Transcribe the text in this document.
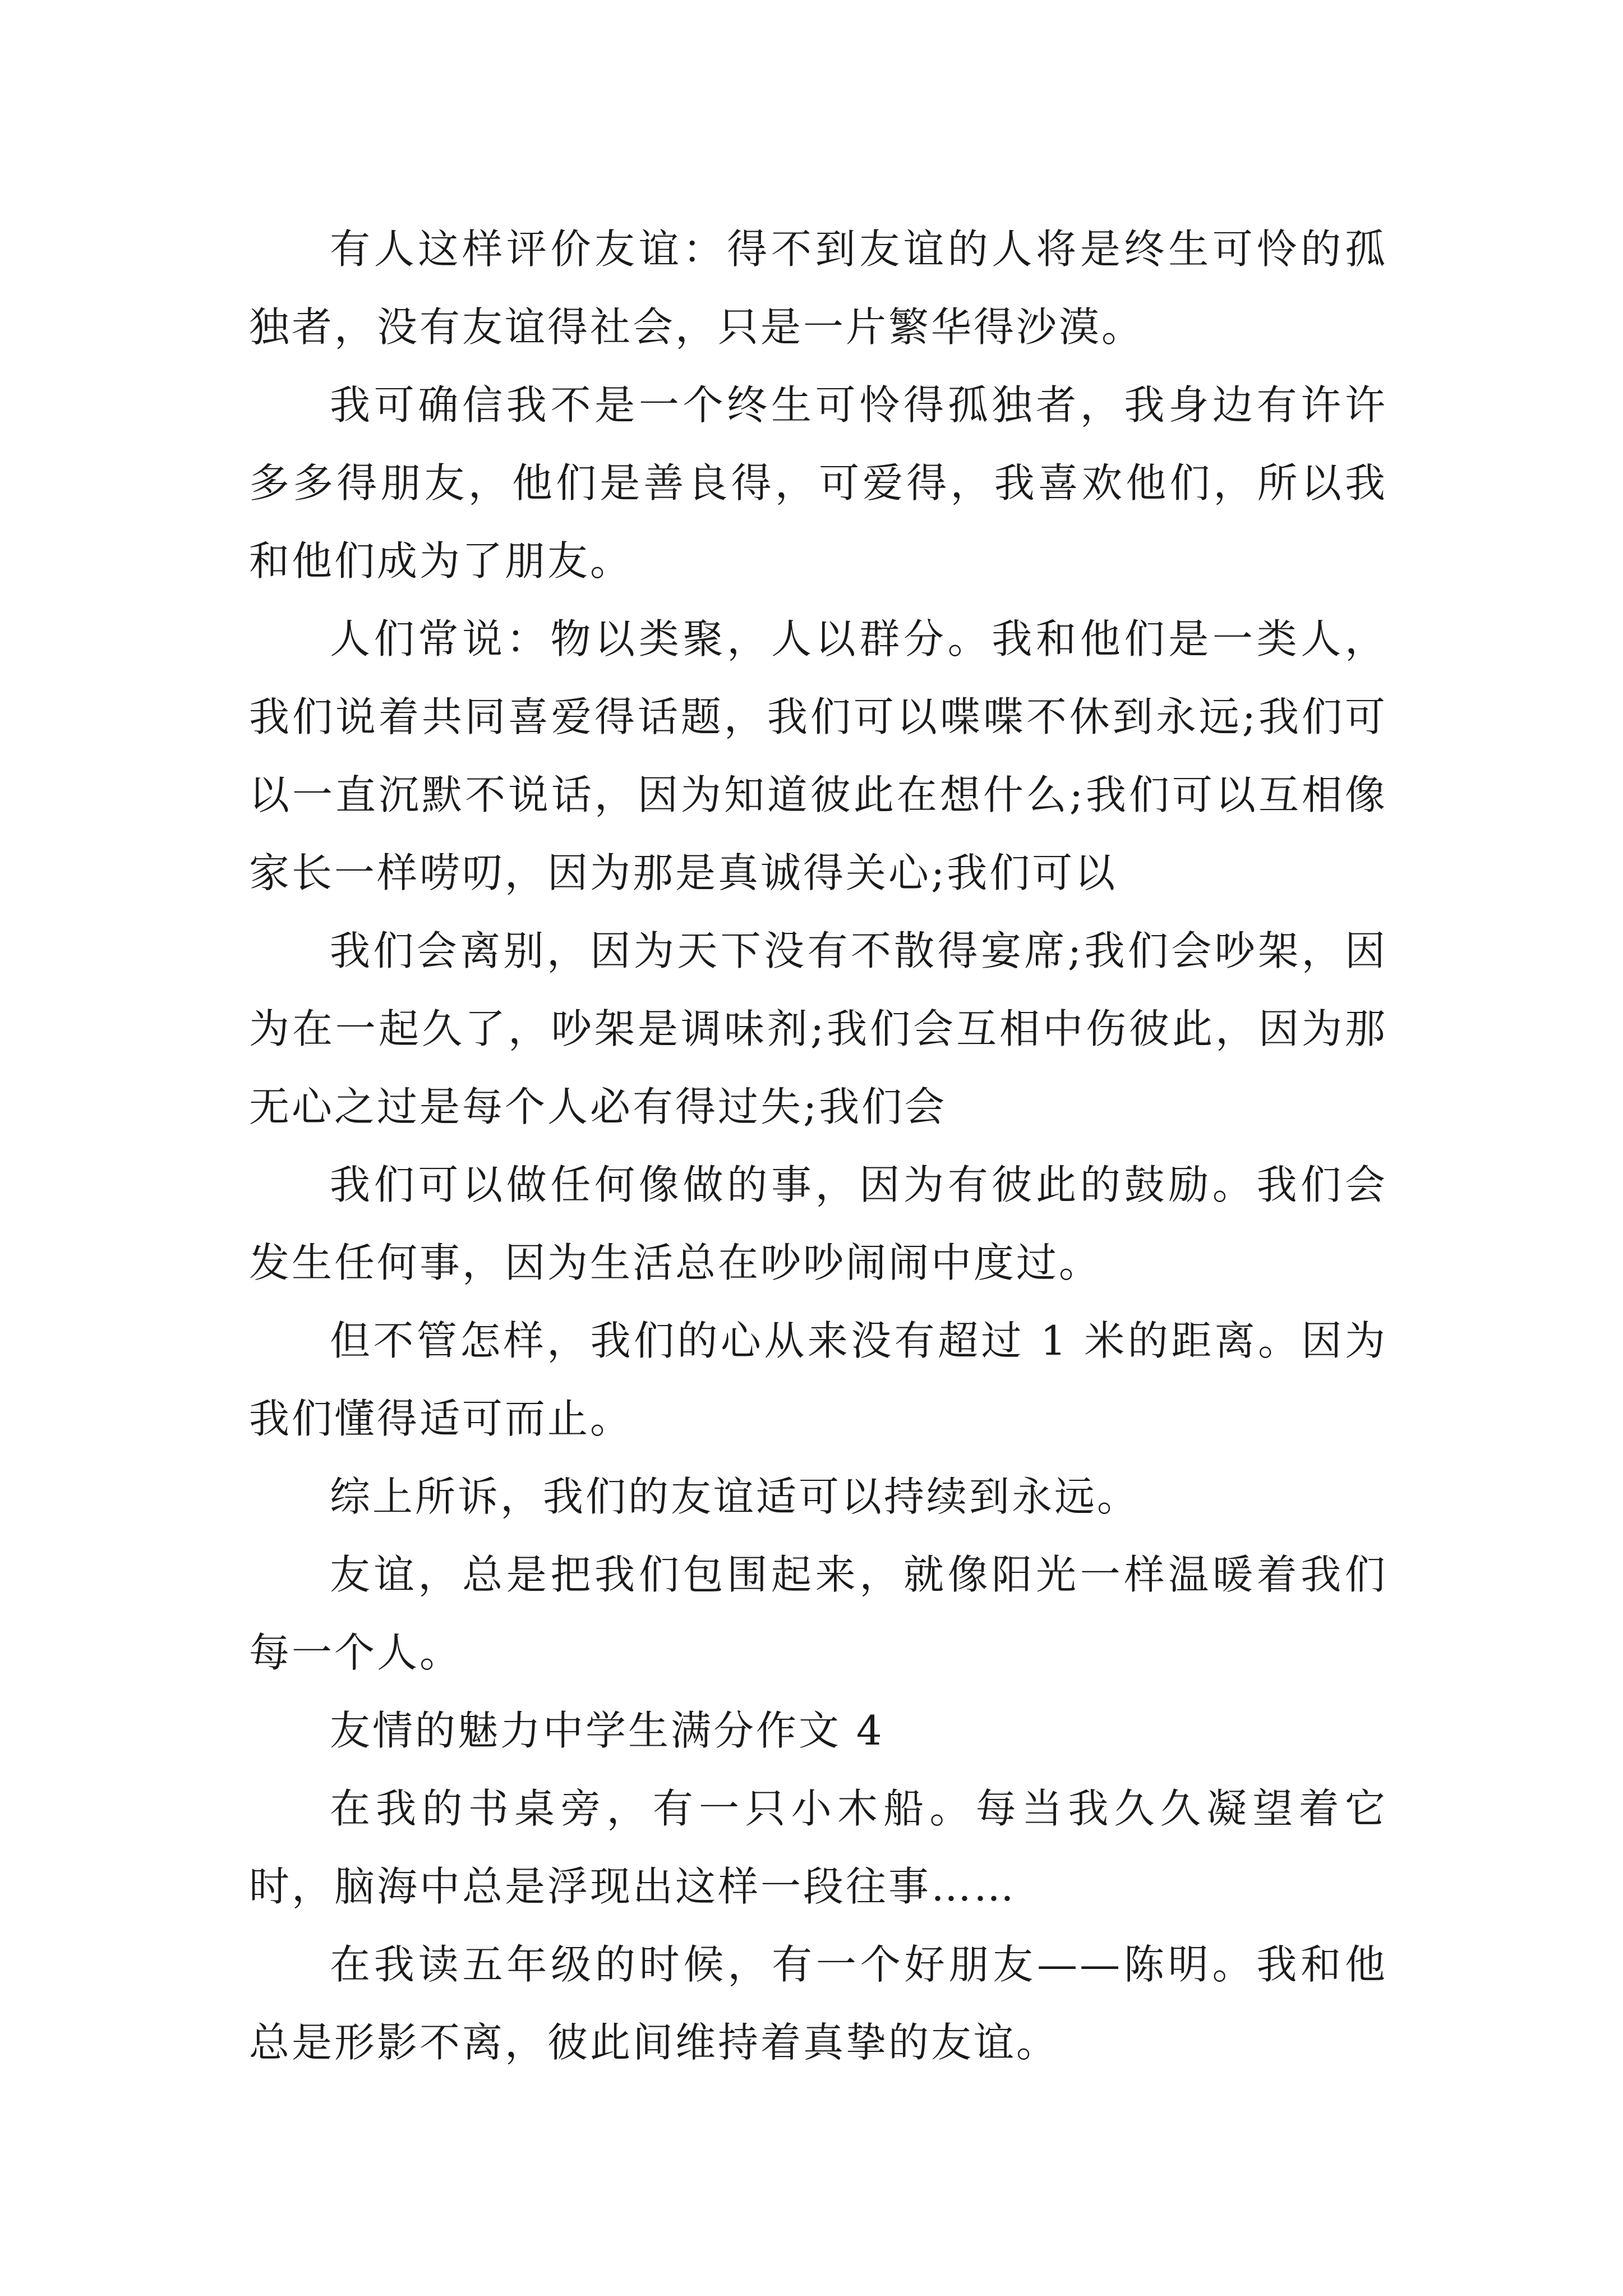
有人这样评价友谊：得不到友谊的人将是终生可怜的孤独者，没有友谊得社会，只是一片繁华得沙漠。

我可确信我不是一个终生可怜得孤独者，我身边有许许多多得朋友，他们是善良得，可爱得，我喜欢他们，所以我和他们成为了朋友。

人们常说：物以类聚，人以群分。我和他们是一类人，我们说着共同喜爱得话题，我们可以喋喋不休到永远;我们可以一直沉默不说话，因为知道彼此在想什么;我们可以互相像家长一样唠叨，因为那是真诚得关心;我们可以

我们会离别，因为天下没有不散得宴席;我们会吵架，因为在一起久了，吵架是调味剂;我们会互相中伤彼此，因为那无心之过是每个人必有得过失;我们会

我们可以做任何像做的事，因为有彼此的鼓励。我们会发生任何事，因为生活总在吵吵闹闹中度过。

但不管怎样，我们的心从来没有超过 1 米的距离。因为我们懂得适可而止。

综上所诉，我们的友谊适可以持续到永远。

友谊，总是把我们包围起来，就像阳光一样温暖着我们每一个人。

友情的魅力中学生满分作文 4

在我的书桌旁，有一只小木船。每当我久久凝望着它时，脑海中总是浮现出这样一段往事……

在我读五年级的时候，有一个好朋友——陈明。我和他总是形影不离，彼此间维持着真挚的友谊。
